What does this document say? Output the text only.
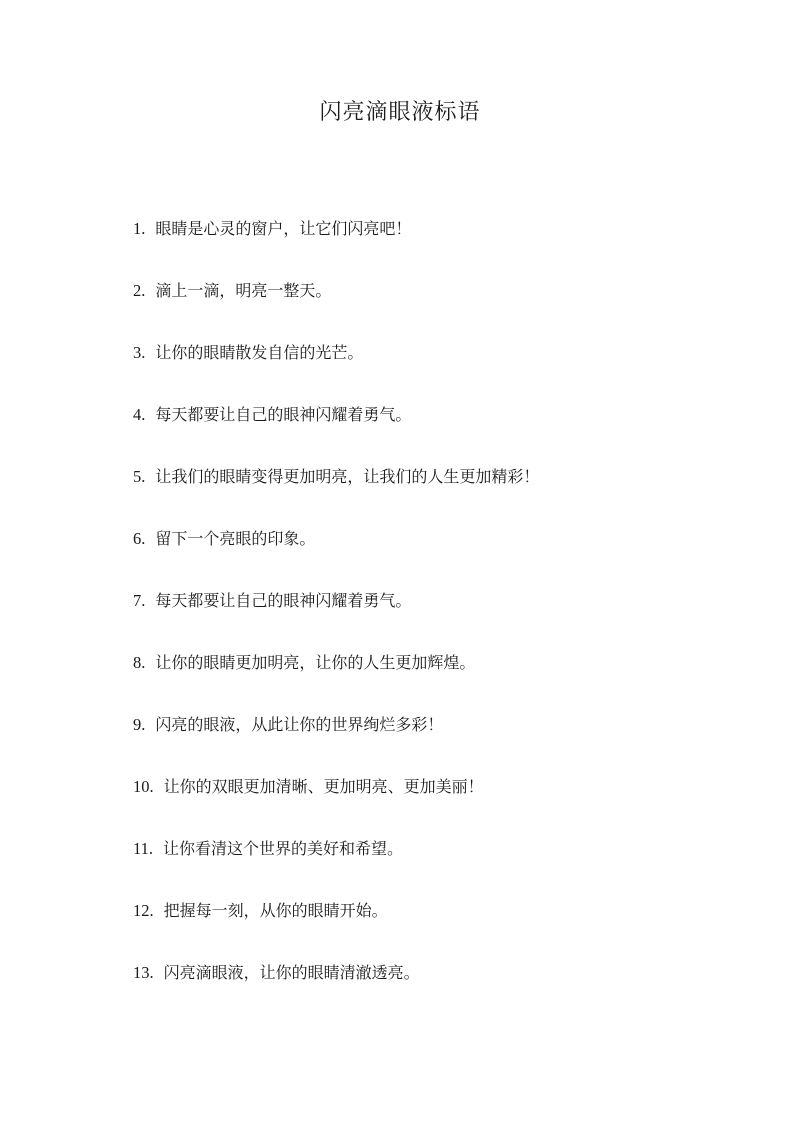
闪亮滴眼液标语
1. 眼睛是心灵的窗户，让它们闪亮吧！
2. 滴上一滴，明亮一整天。
3. 让你的眼睛散发自信的光芒。
4. 每天都要让自己的眼神闪耀着勇气。
5. 让我们的眼睛变得更加明亮，让我们的人生更加精彩！
6. 留下一个亮眼的印象。
7. 每天都要让自己的眼神闪耀着勇气。
8. 让你的眼睛更加明亮，让你的人生更加辉煌。
9. 闪亮的眼液，从此让你的世界绚烂多彩！
10. 让你的双眼更加清晰、更加明亮、更加美丽！
11. 让你看清这个世界的美好和希望。
12. 把握每一刻，从你的眼睛开始。
13. 闪亮滴眼液，让你的眼睛清澈透亮。
